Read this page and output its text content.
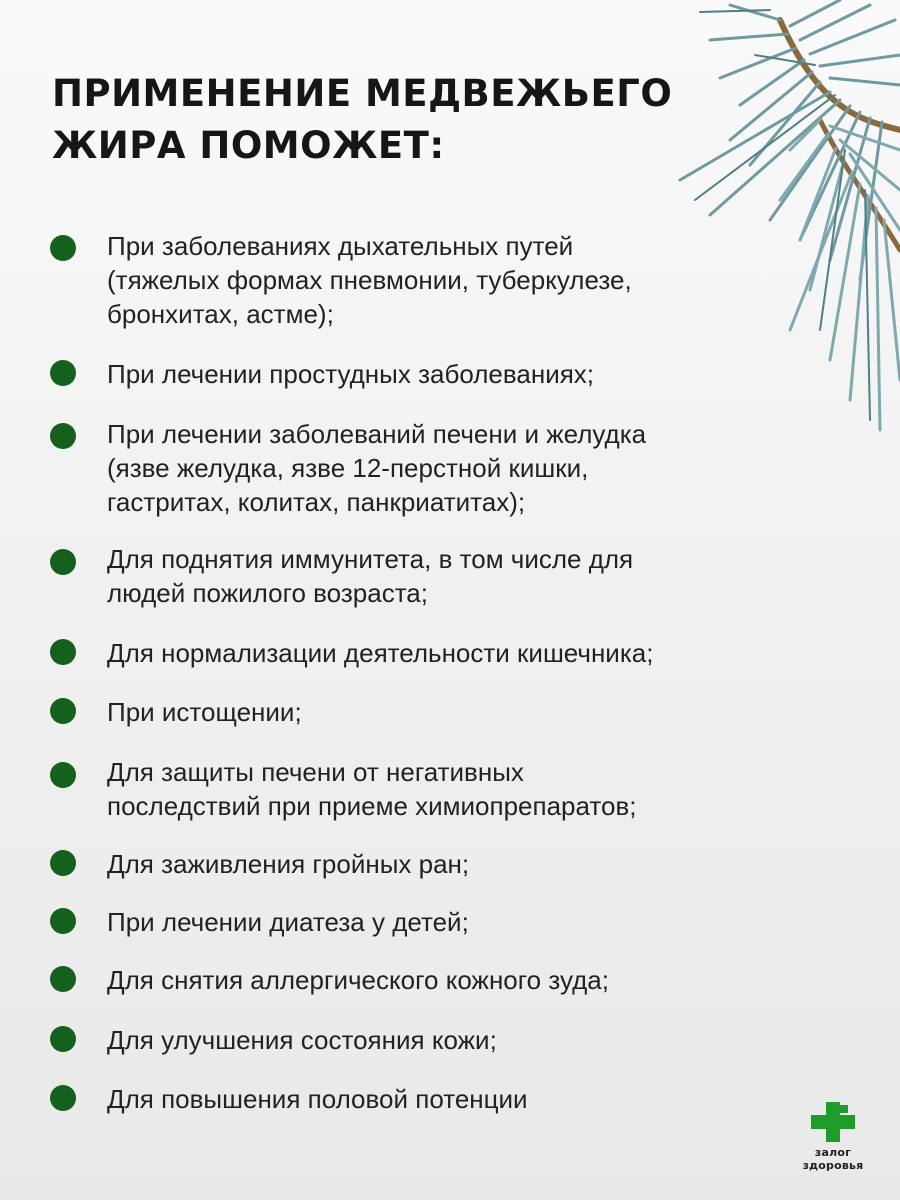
ПРИМЕНЕНИЕ МЕДВЕЖЬЕГО
ЖИРА ПОМОЖЕТ:
При заболеваниях дыхательных путей
(тяжелых формах пневмонии, туберкулезе,
бронхитах, астме);
При лечении простудных заболеваниях;
При лечении заболеваний печени и желудка
(язве желудка, язве 12-перстной кишки,
гастритах, колитах, панкриатитах);
Для поднятия иммунитета, в том числе для
людей пожилого возраста;
Для нормализации деятельности кишечника;
При истощении;
Для защиты печени от негативных
последствий при приеме химиопрепаратов;
Для заживления гройных ран;
При лечении диатеза у детей;
Для снятия аллергического кожного зуда;
Для улучшения состояния кожи;
Для повышения половой потенции
залог
здоровья
